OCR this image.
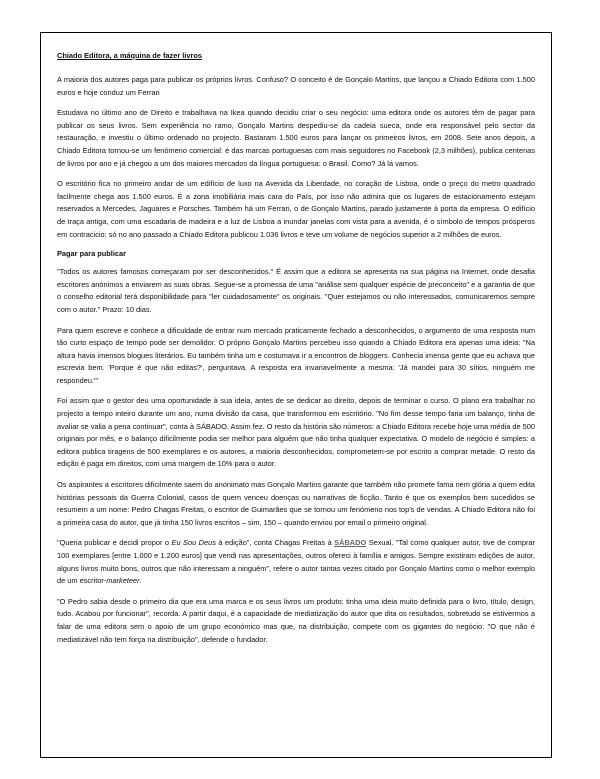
Chiado Editora, a máquina de fazer livros

A maioria dos autores paga para publicar os próprios livros. Confuso? O conceito é de Gonçalo Martins, que lançou a Chiado Editora com 1.500 euros e hoje conduz um Ferrari

Estudava no último ano de Direito e trabalhava na Ikea quando decidiu criar o seu negócio: uma editora onde os autores têm de pagar para publicar os seus livros. Sem experiência no ramo, Gonçalo Martins despediu-se da cadeia sueca, onde era responsável pelo sector da restauração, e investiu o último ordenado no projecto. Bastaram 1.500 euros para lançar os primeiros livros, em 2008. Sete anos depois, a Chiado Editora tornou-se um fenómeno comercial: é das marcas portuguesas com mais seguidores no Facebook (2,3 milhões), publica centenas de livros por ano e já chegou a um dos maiores mercados da língua portuguesa: o Brasil. Como? Já lá vamos.

O escritório fica no primeiro andar de um edifício de luxo na Avenida da Liberdade, no coração de Lisboa, onde o preço do metro quadrado facilmente chega aos 1.500 euros. É a zona imobiliária mais cara do País, por isso não admira que os lugares de estacionamento estejam reservados a Mercedes, Jaguares e Porsches. Também há um Ferrari, o de Gonçalo Martins, parado justamente à porta da empresa. O edifício de traça antiga, com uma escadaria de madeira e a luz de Lisboa a inundar janelas com vista para a avenida, é o símbolo de tempos prósperos em contracicio: só no ano passado a Chiado Editora publicou 1.036 livros e teve um volume de negócios superior a 2 milhões de euros.

Pagar para publicar

"Todos os autores famosos começaram por ser desconhecidos." É assim que a editora se apresenta na sua página na Internet, onde desafia escritores anónimos a enviarem as suas obras. Segue-se a promessa de uma "análise sem qualquer espécie de preconceito" e a garantia de que o conselho editorial terá disponibilidade para "ler cuidadosamente" os originais. "Quer estejamos ou não interessados, comunicaremos sempre com o autor." Prazo: 10 dias.

Para quem escreve e conhece a dificuldade de entrar num mercado praticamente fechado a desconhecidos, o argumento de uma resposta num tão curto espaço de tempo pode ser demolidor. O próprio Gonçalo Martins percebeu isso quando a Chiado Editora era apenas uma ideia: "Na altura havia imensos blogues literários. Eu também tinha um e costumava ir a encontros de bloggers. Conhecia imensa gente que eu achava que escrevia bem. 'Porque é que não editas?', perguntava. A resposta era invariavelmente a mesma: 'Já mandei para 30 sítios, ninguém me respondeu.'"

Foi assim que o gestor deu uma oportunidade à sua ideia, antes de se dedicar ao direito, depois de terminar o curso. O plano era trabalhar no projecto a tempo inteiro durante um ano, numa divisão da casa, que transformou em escritório. "No fim desse tempo faria um balanço, tinha de avaliar se valia a pena continuar", conta à SÁBADO. Assim fez. O resto da história são números: a Chiado Editora recebe hoje uma média de 500 originais por mês, e o balanço dificilmente podia ser melhor para alguém que não tinha qualquer expectativa. O modelo de negócio é simples: a editora publica tiragens de 500 exemplares e os autores, a maioria desconhecidos, comprometem-se por escrito a comprar metade. O resto da edição é paga em direitos, com uma margem de 10% para o autor.

Os aspirantes a escritores dificilmente saem do anonimato mas Gonçalo Martins garante que também não promete fama nem glória a quem edita histórias pessoais da Guerra Colonial, casos de quem venceu doenças ou narrativas de ficção. Tanto é que os exemplos bem sucedidos se resumem a um nome: Pedro Chagas Freitas, o escritor de Guimarães que se tornou um fenómeno nos top's de vendas. A Chiado Editora não foi a primeira casa do autor, que já tinha 150 livros escritos – sim, 150 – quando enviou por email o primeiro original.

"Queria publicar e decidi propor o Eu Sou Deus à edição", conta Chagas Freitas à SÁBADO Sexual. "Tal como qualquer autor, tive de comprar 100 exemplares [entre 1.000 e 1.200 euros] que vendi nas apresentações, outros ofereci à família e amigos. Sempre existiram edições de autor, alguns livros muito bons, outros que não interessam a ninguém", refere o autor tantas vezes citado por Gonçalo Martins como o melhor exemplo de um escritor-marketeer.

"O Pedro sabia desde o primeiro dia que era uma marca e os seus livros um produto: tinha uma ideia muito definida para o livro, título, design, tudo. Acabou por funcionar", recorda. A partir daqui, é a capacidade de mediatização do autor que dita os resultados, sobretudo se estivermos a falar de uma editora sem o apoio de um grupo económico mas que, na distribuição, compete com os gigantes do negócio. "O que não é mediatizável não tem força na distribuição", defende o fundador.
